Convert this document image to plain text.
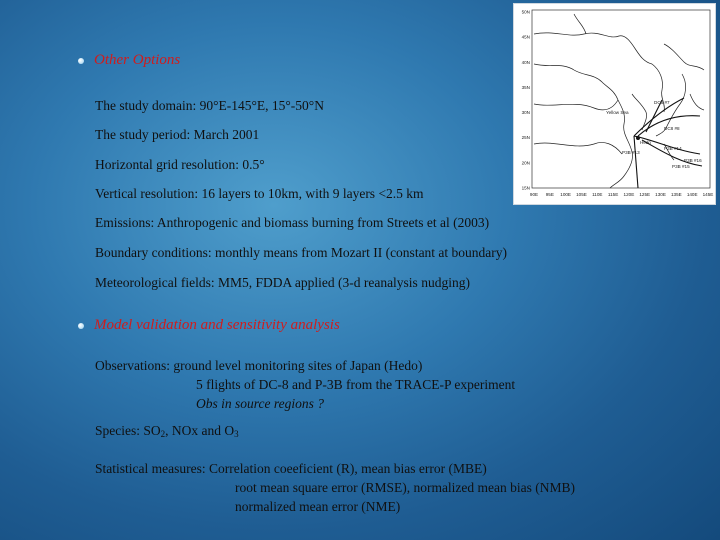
Other Options
The study domain: 90°E-145°E, 15°-50°N
The study period: March 2001
Horizontal grid resolution: 0.5°
Vertical resolution: 16 layers to 10km, with 9 layers <2.5 km
Emissions: Anthropogenic and biomass burning from Streets et al (2003)
Boundary conditions: monthly means from Mozart II (constant at boundary)
Meteorological fields: MM5, FDDA applied (3-d reanalysis nudging)
Model validation and sensitivity analysis
Observations: ground level monitoring sites of Japan (Hedo)
5 flights of DC-8 and P-3B from the TRACE-P experiment
Obs in source regions ?
Species: $SO_2$, NOx and $O_3$
Statistical measures: Correlation coeeficient (R), mean bias error (MBE)
root mean square error (RMSE), normalized mean bias (NMB)
normalized mean error (NME)
50N
45N
40N
35N
30N
25N
20N
15N
90E 95E 100E 105E 110E 115E 120E 125E 130E 135E 140E 145E
Yellow Sea
DC8 #7
DC8 #8
Hedo
P3B #13
P3B #14
P3B #15
P3B #16
